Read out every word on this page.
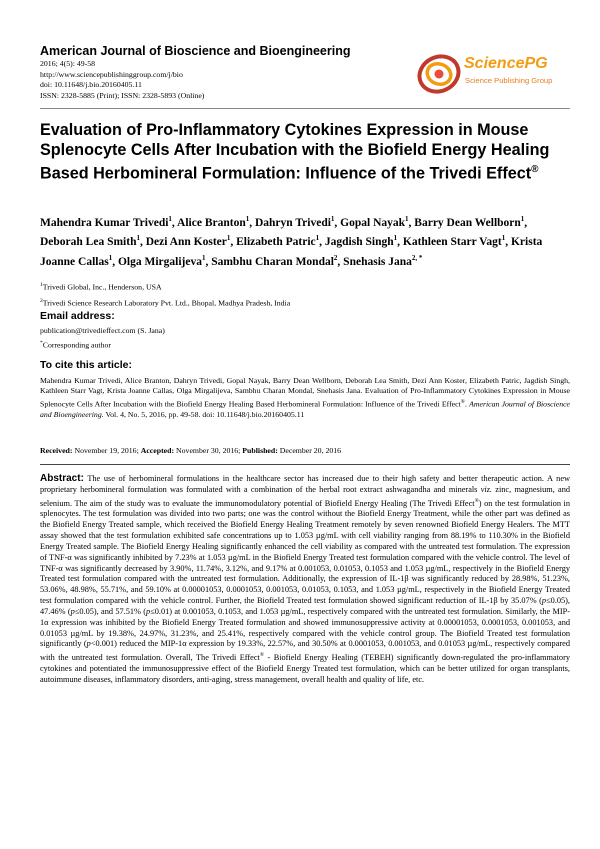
American Journal of Bioscience and Bioengineering
2016; 4(5): 49-58
http://www.sciencepublishinggroup.com/j/bio
doi: 10.11648/j.bio.20160405.11
ISSN: 2328-5885 (Print); ISSN: 2328-5893 (Online)
SciencePG
Science Publishing Group
Evaluation of Pro-Inflammatory Cytokines Expression in Mouse Splenocyte Cells After Incubation with the Biofield Energy Healing Based Herbomineral Formulation: Influence of the Trivedi Effect®
Mahendra Kumar Trivedi$^1$, Alice Branton$^1$, Dahryn Trivedi$^1$, Gopal Nayak$^1$, Barry Dean Wellborn$^1$, Deborah Lea Smith$^1$, Dezi Ann Koster$^1$, Elizabeth Patric$^1$, Jagdish Singh$^1$, Kathleen Starr Vagt$^1$, Krista Joanne Callas$^1$, Olga Mirgalijeva$^1$, Sambhu Charan Mondal$^2$, Snehasis Jana$^{2, *}$
$^1$Trivedi Global, Inc., Henderson, USA
$^2$Trivedi Science Research Laboratory Pvt. Ltd., Bhopal, Madhya Pradesh, India
Email address:
publication@trivedieffect.com (S. Jana)
*Corresponding author
To cite this article:
Mahendra Kumar Trivedi, Alice Branton, Dahryn Trivedi, Gopal Nayak, Barry Dean Wellborn, Deborah Lea Smith, Dezi Ann Koster, Elizabeth Patric, Jagdish Singh, Kathleen Starr Vagt, Krista Joanne Callas, Olga Mirgalijeva, Sambhu Charan Mondal, Snehasis Jana. Evaluation of Pro-Inflammatory Cytokines Expression in Mouse Splenocyte Cells After Incubation with the Biofield Energy Healing Based Herbomineral Formulation: Influence of the Trivedi Effect®. American Journal of Bioscience and Bioengineering. Vol. 4, No. 5, 2016, pp. 49-58. doi: 10.11648/j.bio.20160405.11
Received: November 19, 2016; Accepted: November 30, 2016; Published: December 20, 2016
Abstract: The use of herbomineral formulations in the healthcare sector has increased due to their high safety and better therapeutic action. A new proprietary herbomineral formulation was formulated with a combination of the herbal root extract ashwagandha and minerals viz. zinc, magnesium, and selenium. The aim of the study was to evaluate the immunomodulatory potential of Biofield Energy Healing (The Trivedi Effect®) on the test formulation in splenocytes. The test formulation was divided into two parts; one was the control without the Biofield Energy Treatment, while the other part was defined as the Biofield Energy Treated sample, which received the Biofield Energy Healing Treatment remotely by seven renowned Biofield Energy Healers. The MTT assay showed that the test formulation exhibited safe concentrations up to 1.053 µg/mL with cell viability ranging from 88.19% to 110.30% in the Biofield Energy Treated sample. The Biofield Energy Healing significantly enhanced the cell viability as compared with the untreated test formulation. The expression of TNF-α was significantly inhibited by 7.23% at 1.053 µg/mL in the Biofield Energy Treated test formulation compared with the vehicle control. The level of TNF-α was significantly decreased by 3.90%, 11.74%, 3.12%, and 9.17% at 0.001053, 0.01053, 0.1053 and 1.053 µg/mL, respectively in the Biofield Energy Treated test formulation compared with the untreated test formulation. Additionally, the expression of IL-1β was significantly reduced by 28.98%, 51.23%, 53.06%, 48.98%, 55.71%, and 59.10% at 0.00001053, 0.0001053, 0.001053, 0.01053, 0.1053, and 1.053 µg/mL, respectively in the Biofield Energy Treated test formulation compared with the vehicle control. Further, the Biofield Treated test formulation showed significant reduction of IL-1β by 35.07% (p≤0.05), 47.46% (p≤0.05), and 57.51% (p≤0.01) at 0.001053, 0.1053, and 1.053 µg/mL, respectively compared with the untreated test formulation. Similarly, the MIP-1α expression was inhibited by the Biofield Energy Treated formulation and showed immunosuppressive activity at 0.00001053, 0.0001053, 0.001053, and 0.01053 µg/mL by 19.38%, 24.97%, 31.23%, and 25.41%, respectively compared with the vehicle control group. The Biofield Treated test formulation significantly (p<0.001) reduced the MIP-1α expression by 19.33%, 22.57%, and 30.50% at 0.0001053, 0.001053, and 0.01053 µg/mL, respectively compared with the untreated test formulation. Overall, The Trivedi Effect® - Biofield Energy Healing (TEBEH) significantly down-regulated the pro-inflammatory cytokines and potentiated the immunosuppressive effect of the Biofield Energy Treated test formulation, which can be better utilized for organ transplants, autoimmune diseases, inflammatory disorders, anti-aging, stress management, overall health and quality of life, etc.
